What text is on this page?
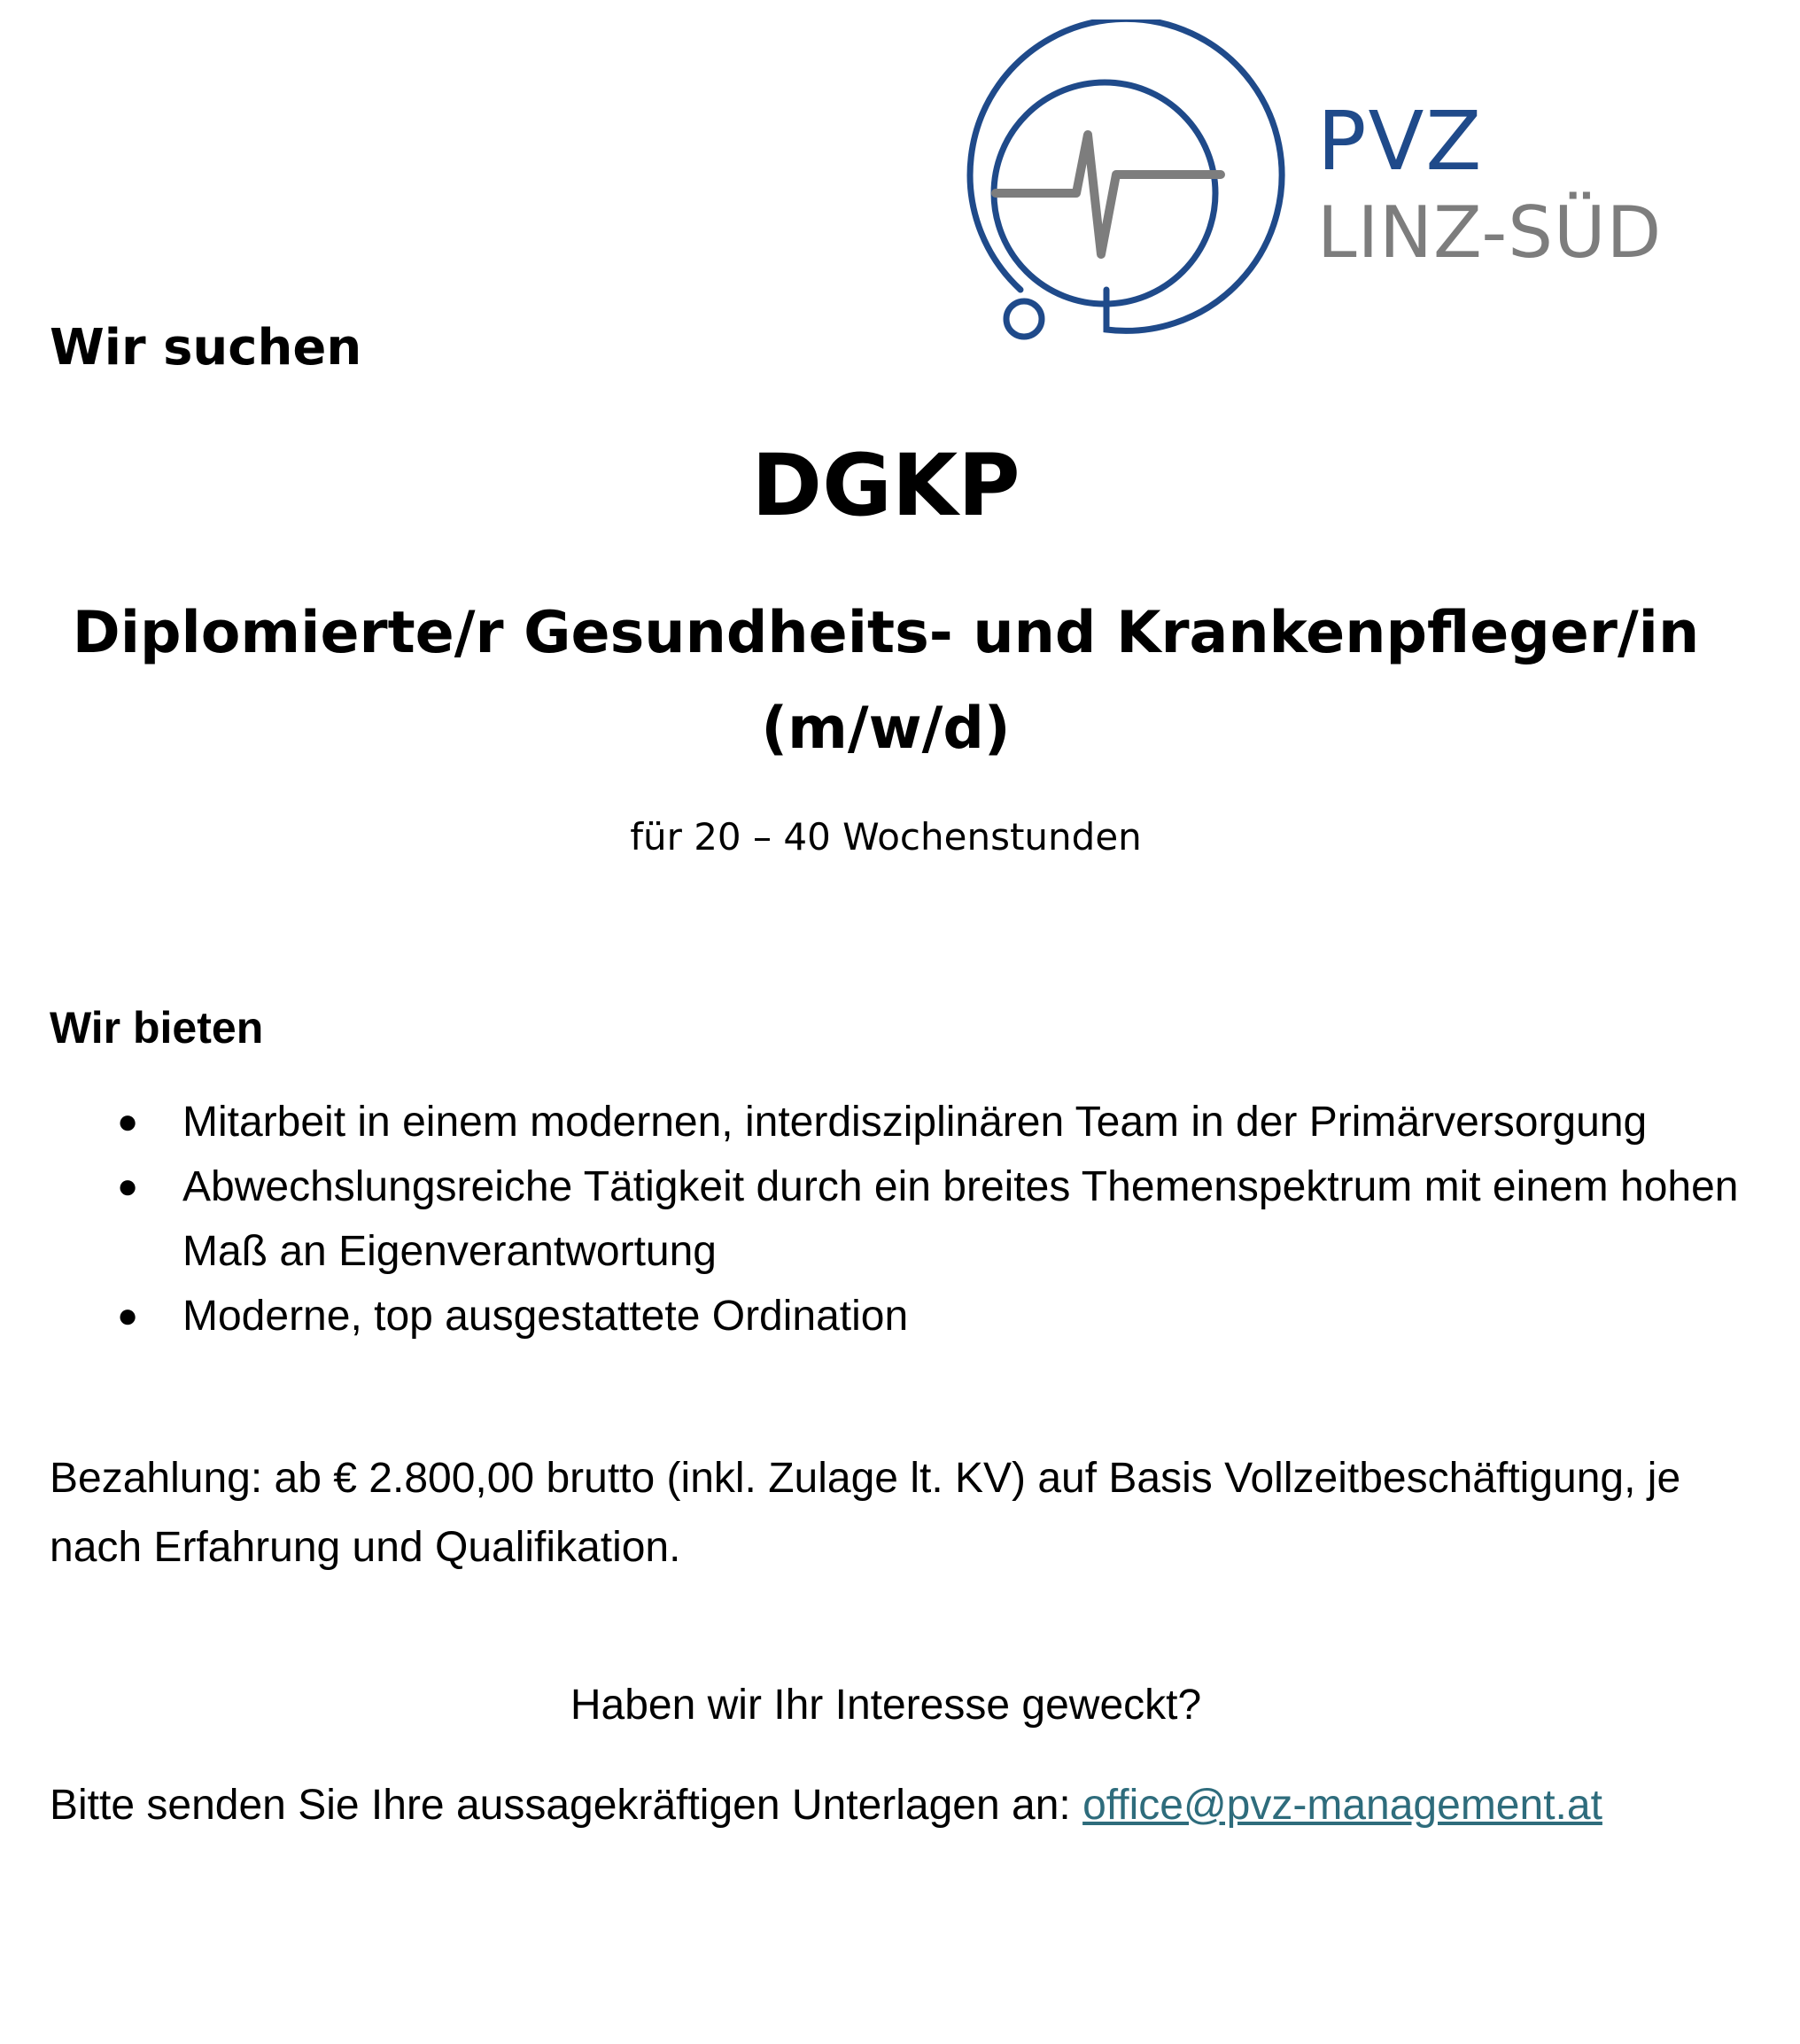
PVZ
LINZ-SÜD
Wir suchen
DGKP
Diplomierte/r Gesundheits- und Krankenpfleger/in
(m/w/d)
für 20 – 40 Wochenstunden
Wir bieten
● Mitarbeit in einem modernen, interdisziplinären Team in der Primärversorgung
● Abwechslungsreiche Tätigkeit durch ein breites Themenspektrum mit einem hohen Maß an Eigenverantwortung
● Moderne, top ausgestattete Ordination
Bezahlung: ab € 2.800,00 brutto (inkl. Zulage lt. KV) auf Basis Vollzeitbeschäftigung, je nach Erfahrung und Qualifikation.
Haben wir Ihr Interesse geweckt?
Bitte senden Sie Ihre aussagekräftigen Unterlagen an: office@pvz-management.at
